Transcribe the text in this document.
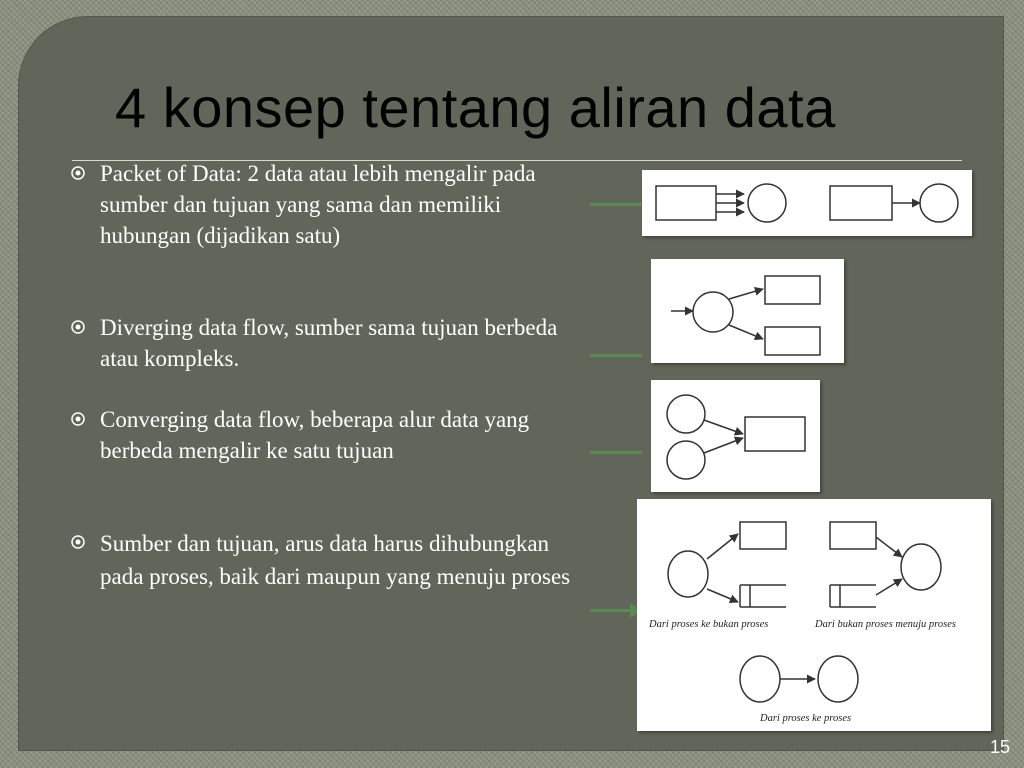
4 konsep tentang aliran data
Packet of Data: 2 data atau lebih mengalir pada sumber dan tujuan yang sama dan memiliki hubungan (dijadikan satu)
Diverging data flow, sumber sama tujuan berbeda atau kompleks.
Converging data flow, beberapa alur data yang berbeda mengalir ke satu tujuan
Sumber dan tujuan, arus data harus dihubungkan pada proses, baik dari maupun yang menuju proses
Dari proses ke bukan proses	Dari bukan proses menuju proses
Dari proses ke proses
15
